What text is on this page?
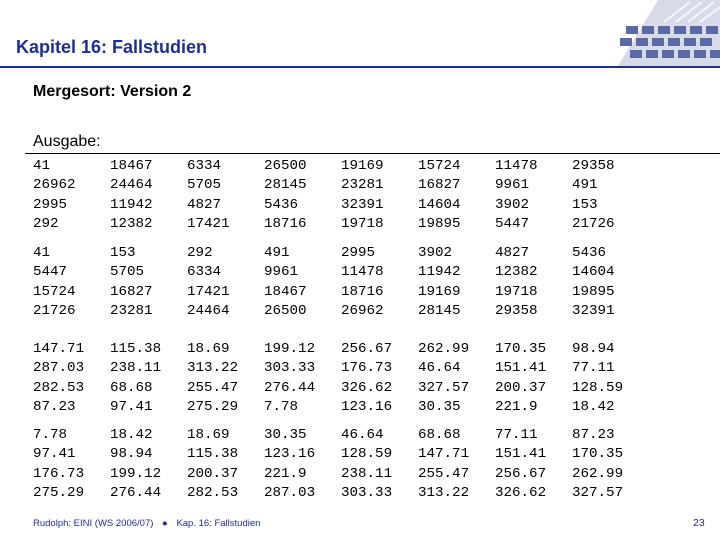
Kapitel 16: Fallstudien
Mergesort: Version 2
Ausgabe:
41
26962
2995
292
18467
24464
11942
12382
6334
5705
4827
17421
26500
28145
5436
18716
19169
23281
32391
19718
15724
16827
14604
19895
11478
9961
3902
5447
29358
491
153
21726
41
5447
15724
21726
153
5705
16827
23281
292
6334
17421
24464
491
9961
18467
26500
2995
11478
18716
26962
3902
11942
19169
28145
4827
12382
19718
29358
5436
14604
19895
32391
147.71
287.03
282.53
87.23
115.38
238.11
68.68
97.41
18.69
313.22
255.47
275.29
199.12
303.33
276.44
7.78
256.67
176.73
326.62
123.16
262.99
46.64
327.57
30.35
170.35
151.41
200.37
221.9
98.94
77.11
128.59
18.42
7.78
97.41
176.73
275.29
18.42
98.94
199.12
276.44
18.69
115.38
200.37
282.53
30.35
123.16
221.9
287.03
46.64
128.59
238.11
303.33
68.68
147.71
255.47
313.22
77.11
151.41
256.67
326.62
87.23
170.35
262.99
327.57
Rudolph: EINI (WS 2006/07) ● Kap. 16: Fallstudien	23
